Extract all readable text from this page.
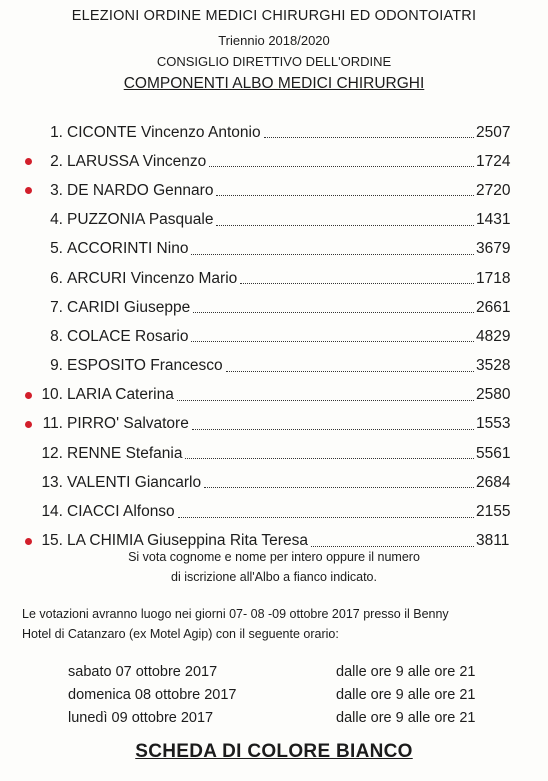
ELEZIONI ORDINE MEDICI CHIRURGHI ED ODONTOIATRI
Triennio 2018/2020
CONSIGLIO DIRETTIVO DELL'ORDINE
COMPONENTI ALBO MEDICI CHIRURGHI
1. CICONTE Vincenzo Antonio	2507
2. LARUSSA Vincenzo	1724
3. DE NARDO Gennaro	2720
4. PUZZONIA Pasquale	1431
5. ACCORINTI Nino	3679
6. ARCURI Vincenzo Mario	1718
7. CARIDI Giuseppe	2661
8. COLACE Rosario	4829
9. ESPOSITO Francesco	3528
10. LARIA Caterina	2580
11. PIRRO' Salvatore	1553
12. RENNE Stefania	5561
13. VALENTI Giancarlo	2684
14. CIACCI Alfonso	2155
15. LA CHIMIA Giuseppina Rita Teresa	3811
Si vota cognome e nome per intero oppure il numero
di iscrizione all'Albo a fianco indicato.
Le votazioni avranno luogo nei giorni 07- 08 -09 ottobre 2017 presso il Benny
Hotel di Catanzaro (ex Motel Agip) con il seguente orario:
sabato 07 ottobre 2017	dalle ore 9 alle ore 21
domenica 08 ottobre 2017	dalle ore 9 alle ore 21
lunedì 09 ottobre 2017	dalle ore 9 alle ore 21
SCHEDA DI COLORE BIANCO
